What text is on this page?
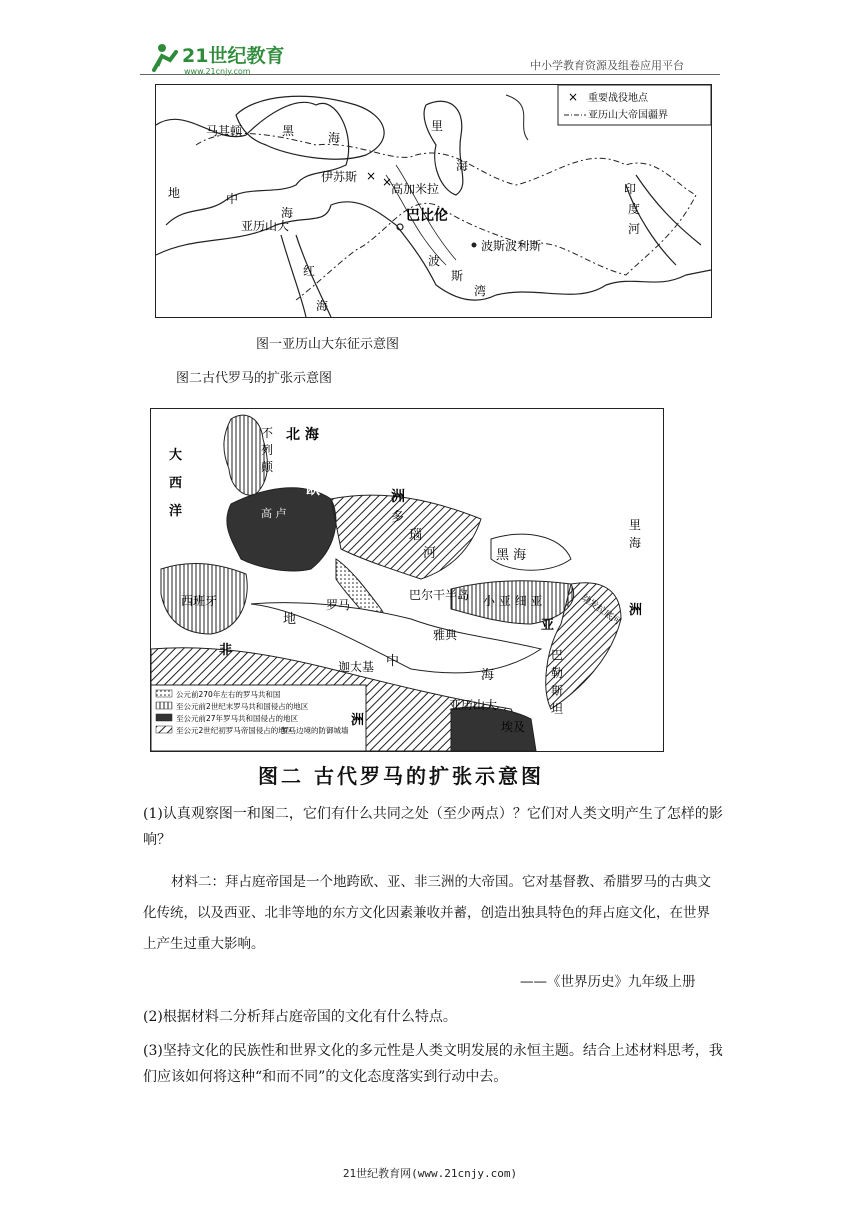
21世纪教育
www.21cnjy.com	中小学教育资源及组卷应用平台
× ×
× 重要战役地点
亚历山大帝国疆界
马其顿	黑	海
里
海
地	中
海
伊苏斯
高加米拉
巴比伦
亚历山大
波斯波利斯
红
海
波
斯
湾
印
度
河
图一亚历山大东征示意图
图二古代罗马的扩张示意图
公元前270年左右的罗马共和国
至公元前2世纪末罗马共和国侵占的地区
至公元前27年罗马共和国侵占的地区
至公元2世纪初罗马帝国侵占的地区
罗马边境的防御城墙
大
西
洋
不
列
颠
北 海
欧	洲
高 卢	多
瑙
河
西班牙	罗马
巴尔干半岛 小 亚 细 亚
雅典
黑 海
里
海
亚
洲
幼发拉底河
地
中
海
非
洲
迦太基
亚历山大
埃及
巴
勒
斯
坦
图二 古代罗马的扩张示意图
(1)认真观察图一和图二，它们有什么共同之处（至少两点）？它们对人类文明产生了怎样的影响？
材料二：拜占庭帝国是一个地跨欧、亚、非三洲的大帝国。它对基督教、希腊罗马的古典文化传统，以及西亚、北非等地的东方文化因素兼收并蓄，创造出独具特色的拜占庭文化，在世界上产生过重大影响。
——《世界历史》九年级上册
(2)根据材料二分析拜占庭帝国的文化有什么特点。
(3)坚持文化的民族性和世界文化的多元性是人类文明发展的永恒主题。结合上述材料思考，我们应该如何将这种“和而不同”的文化态度落实到行动中去。
21世纪教育网(www.21cnjy.com)
